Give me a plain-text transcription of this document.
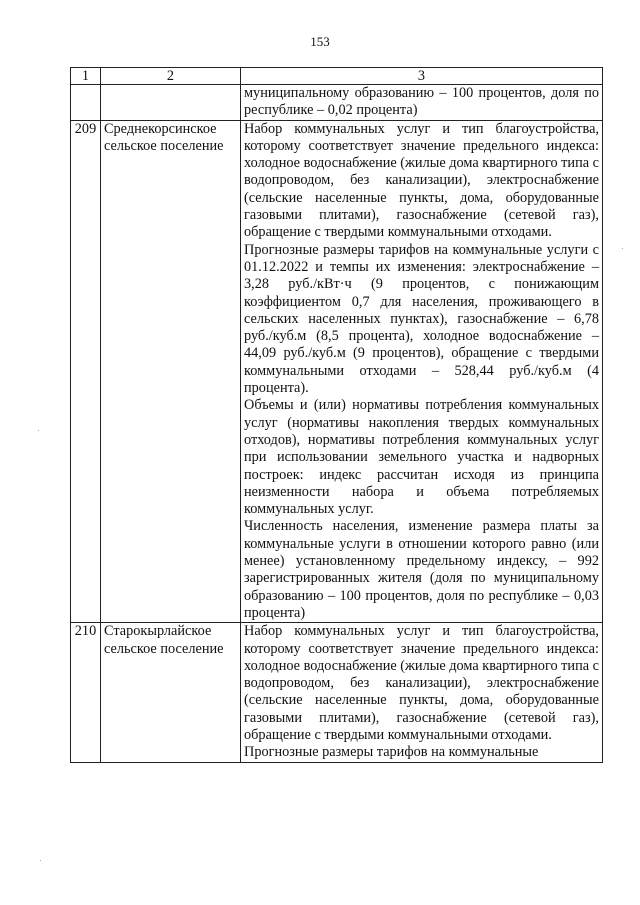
153
1	2	3

		муниципальному образованию – 100 процентов, доля по республике – 0,02 процента)

209	Среднекорсинское сельское поселение	Набор коммунальных услуг и тип благоустройства, которому соответствует значение предельного индекса: холодное водоснабжение (жилые дома квартирного типа с водопроводом, без канализации), электроснабжение (сельские населенные пункты, дома, оборудованные газовыми плитами), газоснабжение (сетевой газ), обращение с твердыми коммунальными отходами.

Прогнозные размеры тарифов на коммунальные услуги с 01.12.2022 и темпы их изменения: электроснабжение – 3,28 руб./кВт·ч (9 процентов, с понижающим коэффициентом 0,7 для населения, проживающего в сельских населенных пунктах), газоснабжение – 6,78 руб./куб.м (8,5 процента), холодное водоснабжение – 44,09 руб./куб.м (9 процентов), обращение с твердыми коммунальными отходами – 528,44 руб./куб.м (4 процента).

Объемы и (или) нормативы потребления коммунальных услуг (нормативы накопления твердых коммунальных отходов), нормативы потребления коммунальных услуг при использовании земельного участка и надворных построек: индекс рассчитан исходя из принципа неизменности набора и объема потребляемых коммунальных услуг.

Численность населения, изменение размера платы за коммунальные услуги в отношении которого равно (или менее) установленному предельному индексу, – 992 зарегистрированных жителя (доля по муниципальному образованию – 100 процентов, доля по республике – 0,03 процента)

210	Старокырлайское сельское поселение	Набор коммунальных услуг и тип благоустройства, которому соответствует значение предельного индекса: холодное водоснабжение (жилые дома квартирного типа с водопроводом, без канализации), электроснабжение (сельские населенные пункты, дома, оборудованные газовыми плитами), газоснабжение (сетевой газ), обращение с твердыми коммунальными отходами.

Прогнозные размеры тарифов на коммунальные
